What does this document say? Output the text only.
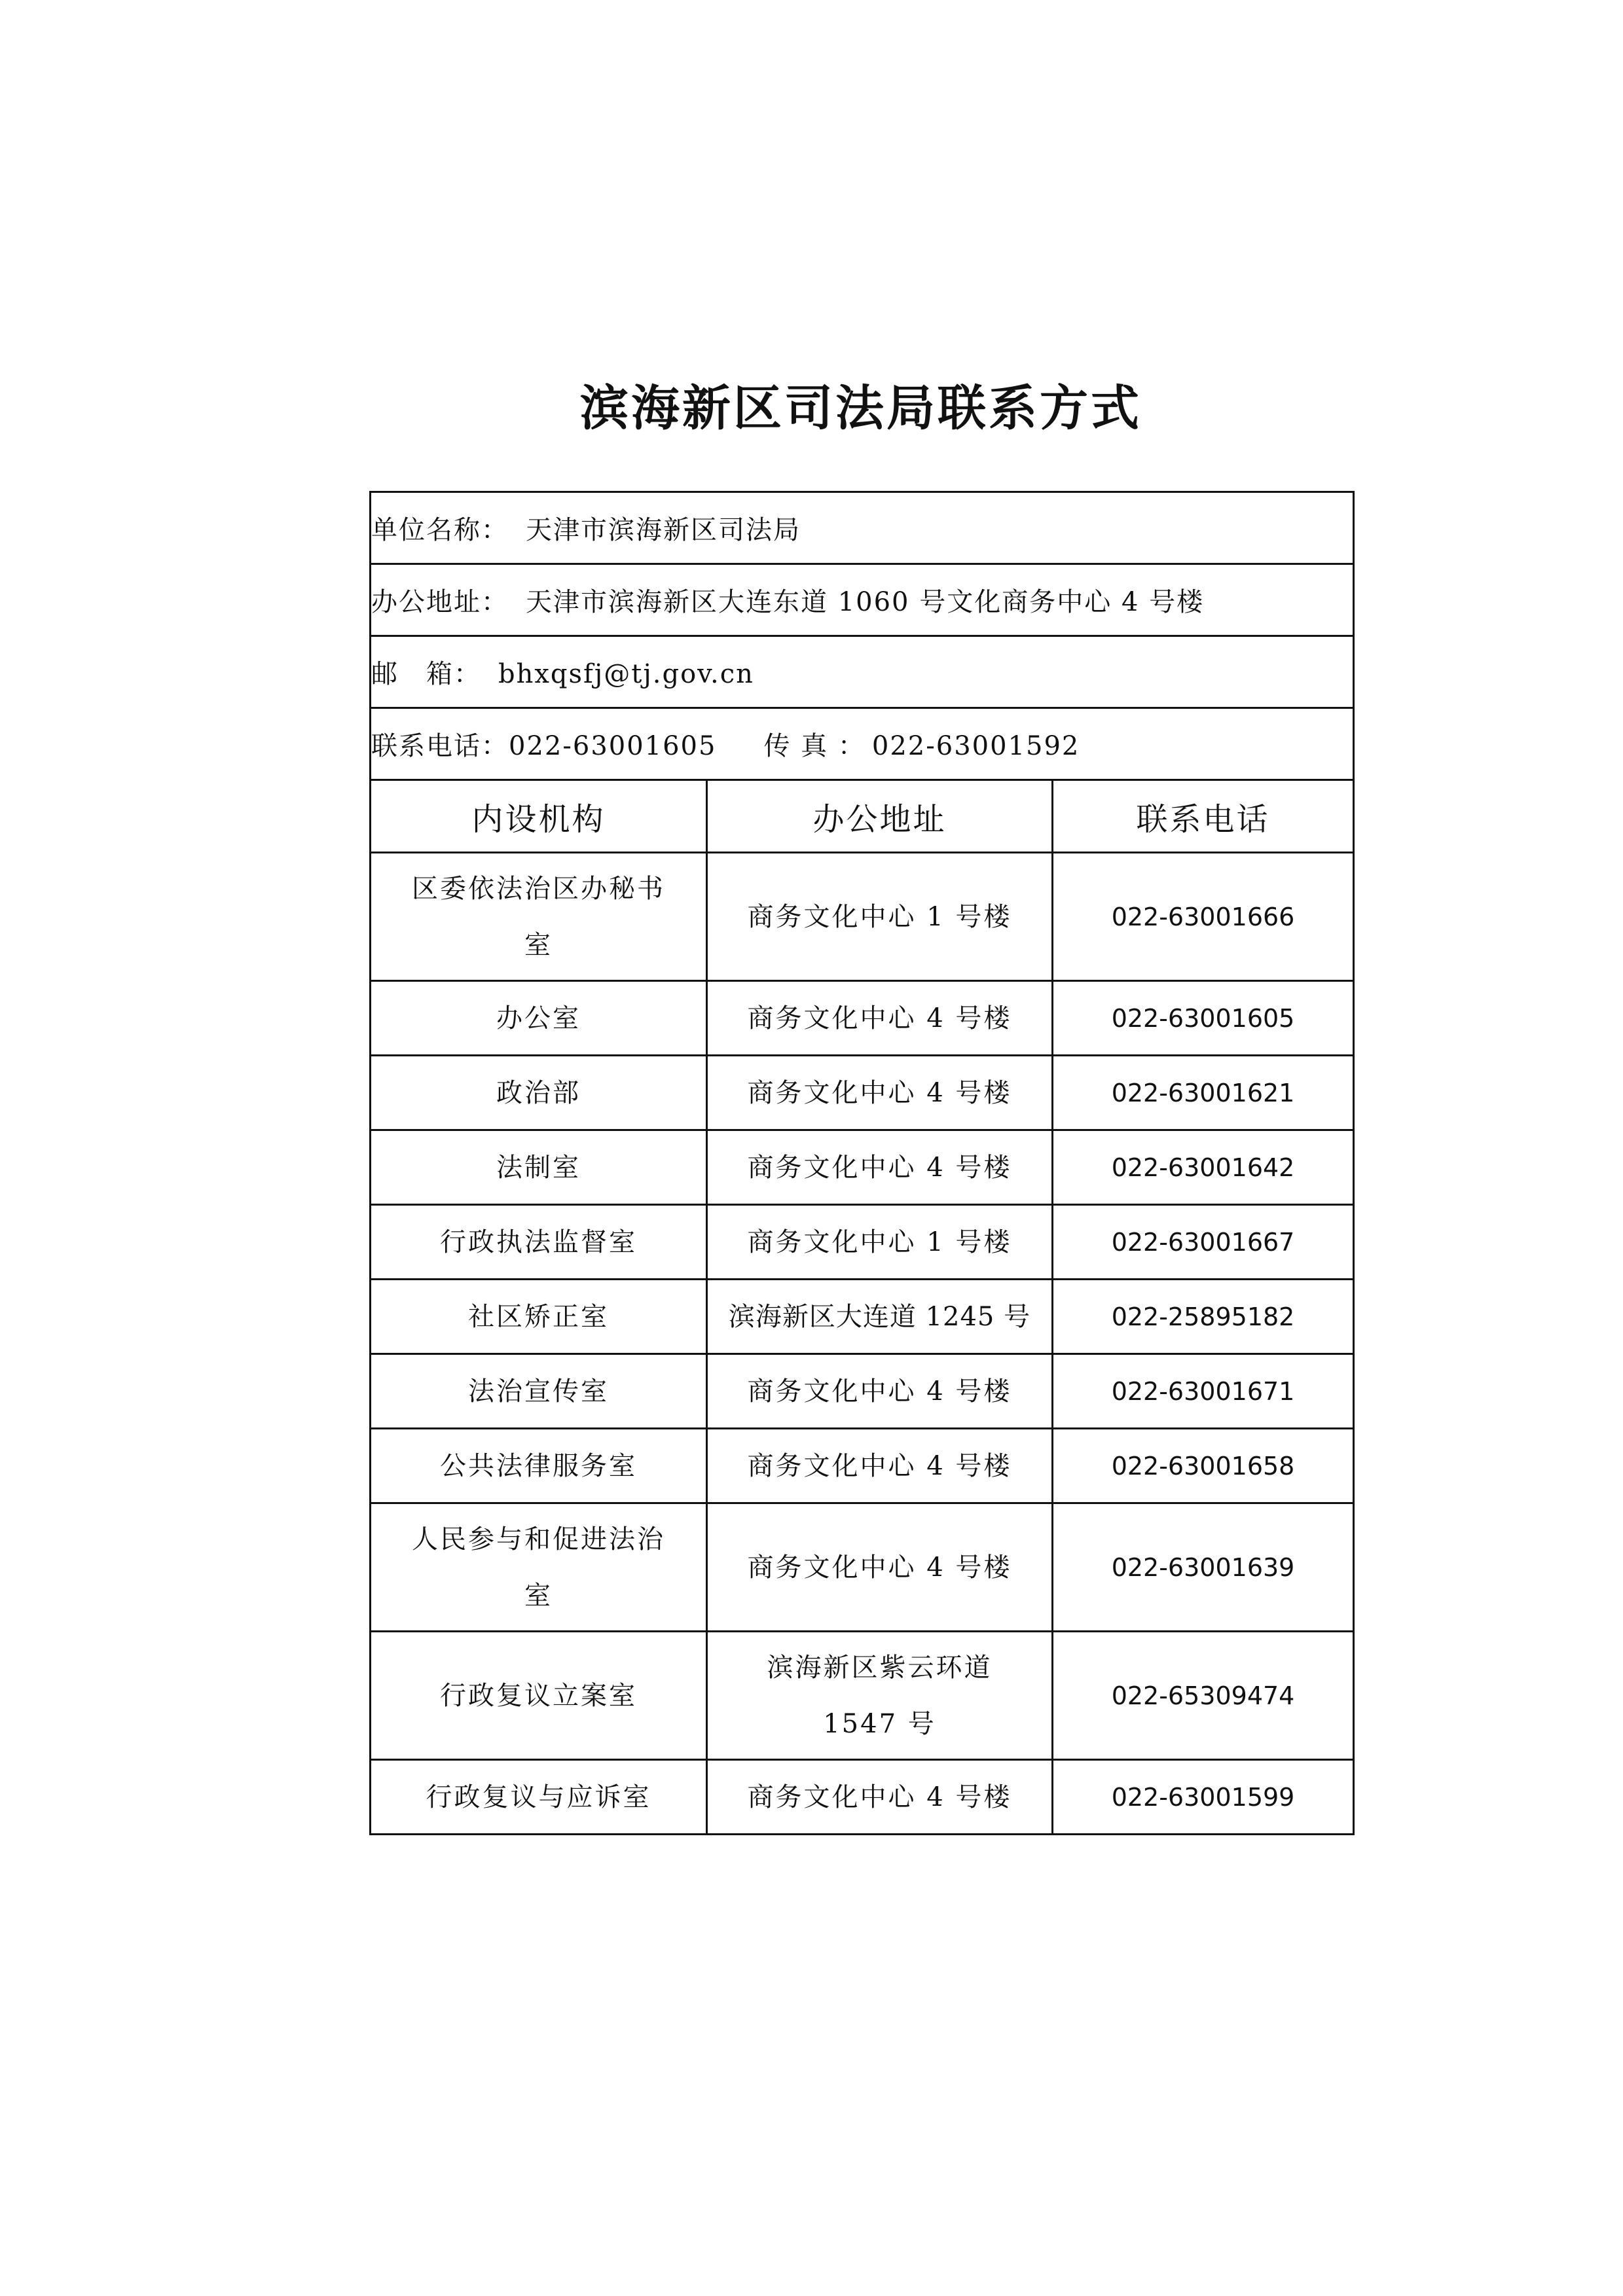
滨海新区司法局联系方式
单位名称： 天津市滨海新区司法局		
办公地址： 天津市滨海新区大连东道 1060 号文化商务中心 4 号楼		
邮　箱： bhxqsfj@tj.gov.cn		
联系电话：022-63001605 传 真 ： 022-63001592		
内设机构	办公地址	联系电话

区委依法治区办秘书室	商务文化中心 1 号楼	022-63001666
办公室	商务文化中心 4 号楼	022-63001605
政治部	商务文化中心 4 号楼	022-63001621
法制室	商务文化中心 4 号楼	022-63001642
行政执法监督室	商务文化中心 1 号楼	022-63001667
社区矫正室	滨海新区大连道 1245 号	022-25895182
法治宣传室	商务文化中心 4 号楼	022-63001671
公共法律服务室	商务文化中心 4 号楼	022-63001658

人民参与和促进法治室	商务文化中心 4 号楼	022-63001639
行政复议立案室	滨海新区紫云环道 1547 号	022-65309474
行政复议与应诉室	商务文化中心 4 号楼	022-63001599
